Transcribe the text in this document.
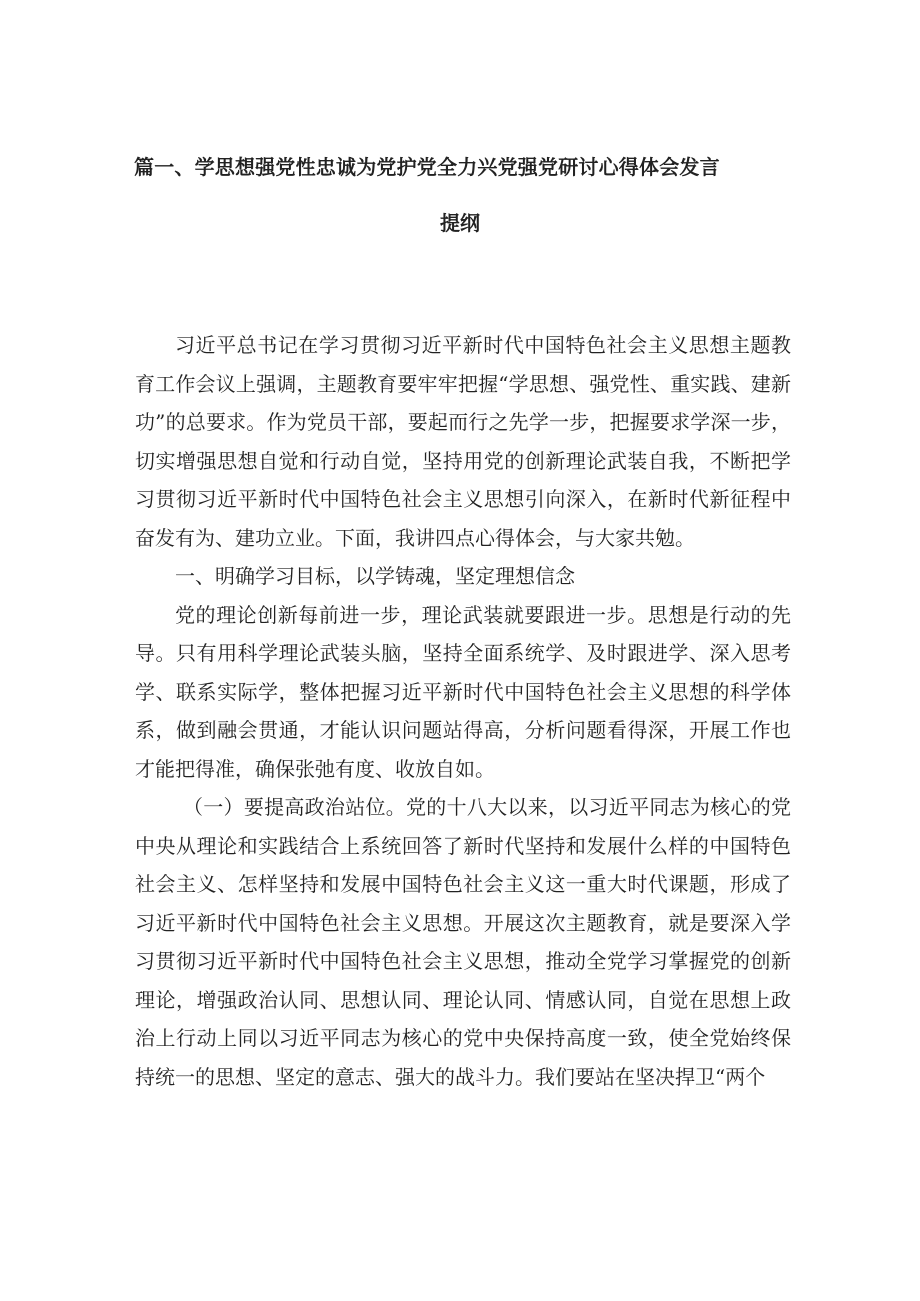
篇一、学思想强党性忠诚为党护党全力兴党强党研讨心得体会发言
提纲

习近平总书记在学习贯彻习近平新时代中国特色社会主义思想主题教育工作会议上强调，主题教育要牢牢把握“学思想、强党性、重实践、建新功”的总要求。作为党员干部，要起而行之先学一步，把握要求学深一步，切实增强思想自觉和行动自觉，坚持用党的创新理论武装自我，不断把学习贯彻习近平新时代中国特色社会主义思想引向深入，在新时代新征程中奋发有为、建功立业。下面，我讲四点心得体会，与大家共勉。

一、明确学习目标，以学铸魂，坚定理想信念

党的理论创新每前进一步，理论武装就要跟进一步。思想是行动的先导。只有用科学理论武装头脑，坚持全面系统学、及时跟进学、深入思考学、联系实际学，整体把握习近平新时代中国特色社会主义思想的科学体系，做到融会贯通，才能认识问题站得高，分析问题看得深，开展工作也才能把得准，确保张弛有度、收放自如。

（一）要提高政治站位。党的十八大以来，以习近平同志为核心的党中央从理论和实践结合上系统回答了新时代坚持和发展什么样的中国特色社会主义、怎样坚持和发展中国特色社会主义这一重大时代课题，形成了习近平新时代中国特色社会主义思想。开展这次主题教育，就是要深入学习贯彻习近平新时代中国特色社会主义思想，推动全党学习掌握党的创新理论，增强政治认同、思想认同、理论认同、情感认同，自觉在思想上政治上行动上同以习近平同志为核心的党中央保持高度一致，使全党始终保持统一的思想、坚定的意志、强大的战斗力。我们要站在坚决捍卫“两个
